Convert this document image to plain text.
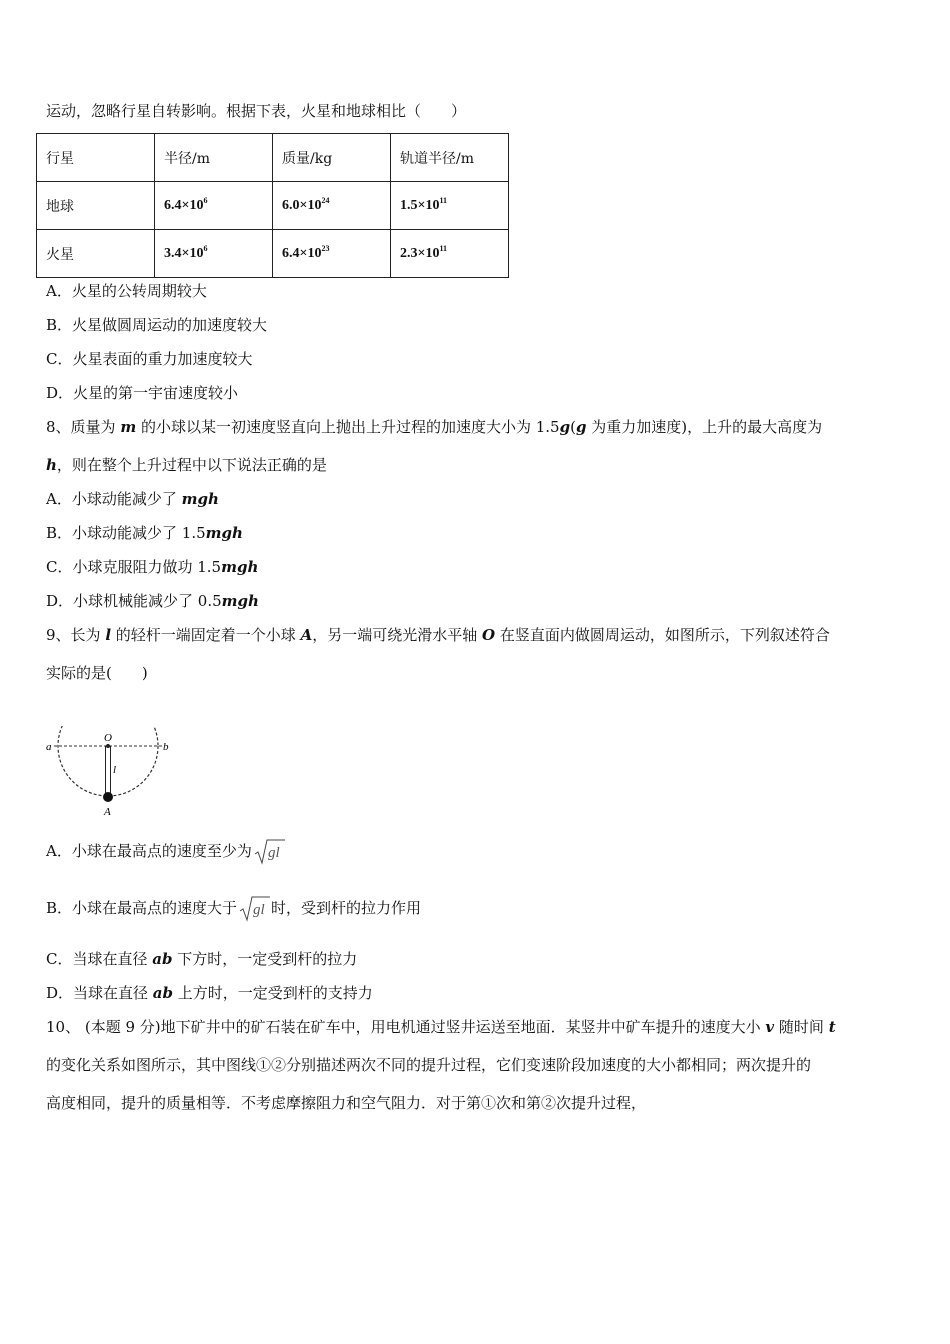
运动，忽略行星自转影响。根据下表，火星和地球相比（　　）
行星	半径/m	质量/kg	轨道半径/m
地球	$6.4\times 10^6$	$6.0\times 10^{24}$	$1.5\times 10^{11}$
火星	$3.4\times 10^6$	$6.4\times 10^{23}$	$2.3\times 10^{11}$
A．火星的公转周期较大
B．火星做圆周运动的加速度较大
C．火星表面的重力加速度较大
D．火星的第一宇宙速度较小
8、质量为 m 的小球以某一初速度竖直向上抛出上升过程的加速度大小为 1.5g(g 为重力加速度)，上升的最大高度为
h，则在整个上升过程中以下说法正确的是
A．小球动能减少了 mgh
B．小球动能减少了 1.5mgh
C．小球克服阻力做功 1.5mgh
D．小球机械能减少了 0.5mgh
9、长为 l 的轻杆一端固定着一个小球 A，另一端可绕光滑水平轴 O 在竖直面内做圆周运动，如图所示，下列叙述符合
实际的是(　　)
a	b
O
l
A
A．小球在最高点的速度至少为 gl
B．小球在最高点的速度大于 gl 时，受到杆的拉力作用
C．当球在直径 ab 下方时，一定受到杆的拉力
D．当球在直径 ab 上方时，一定受到杆的支持力
10、 (本题 9 分)地下矿井中的矿石装在矿车中，用电机通过竖井运送至地面．某竖井中矿车提升的速度大小 v 随时间 t
的变化关系如图所示，其中图线①②分别描述两次不同的提升过程，它们变速阶段加速度的大小都相同；两次提升的
高度相同，提升的质量相等．不考虑摩擦阻力和空气阻力．对于第①次和第②次提升过程，
